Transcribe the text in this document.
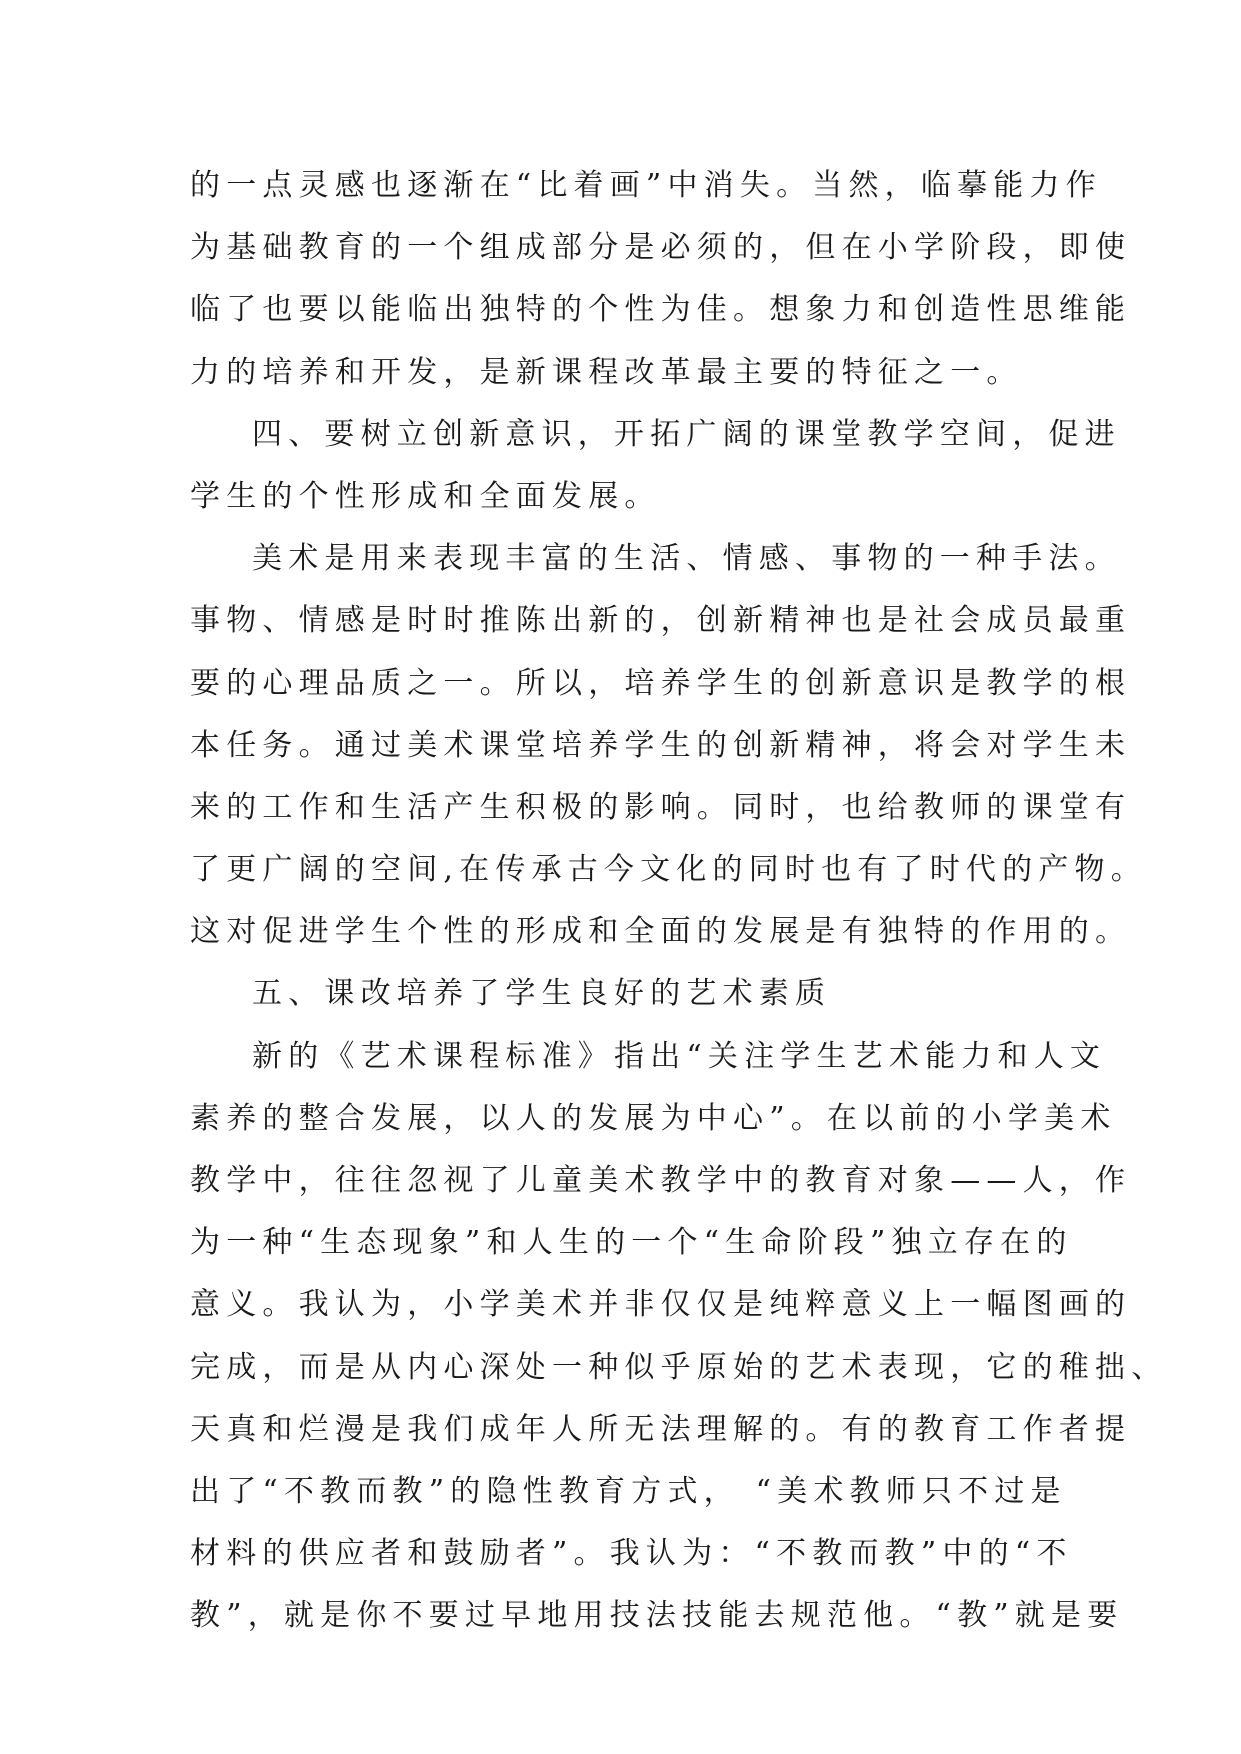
的一点灵感也逐渐在“比着画”中消失。当然，临摹能力作
为基础教育的一个组成部分是必须的，但在小学阶段，即使
临了也要以能临出独特的个性为佳。想象力和创造性思维能
力的培养和开发，是新课程改革最主要的特征之一。
四、要树立创新意识，开拓广阔的课堂教学空间，促进
学生的个性形成和全面发展。
美术是用来表现丰富的生活、情感、事物的一种手法。
事物、情感是时时推陈出新的，创新精神也是社会成员最重
要的心理品质之一。所以，培养学生的创新意识是教学的根
本任务。通过美术课堂培养学生的创新精神，将会对学生未
来的工作和生活产生积极的影响。同时，也给教师的课堂有
了更广阔的空间,在传承古今文化的同时也有了时代的产物。
这对促进学生个性的形成和全面的发展是有独特的作用的。
五、课改培养了学生良好的艺术素质
新的《艺术课程标准》指出“关注学生艺术能力和人文
素养的整合发展，以人的发展为中心”。在以前的小学美术
教学中，往往忽视了儿童美术教学中的教育对象——人，作
为一种“生态现象”和人生的一个“生命阶段”独立存在的
意义。我认为，小学美术并非仅仅是纯粹意义上一幅图画的
完成，而是从内心深处一种似乎原始的艺术表现，它的稚拙、
天真和烂漫是我们成年人所无法理解的。有的教育工作者提
出了“不教而教”的隐性教育方式， “美术教师只不过是
材料的供应者和鼓励者”。我认为：“不教而教”中的“不
教”，就是你不要过早地用技法技能去规范他。“教”就是要
